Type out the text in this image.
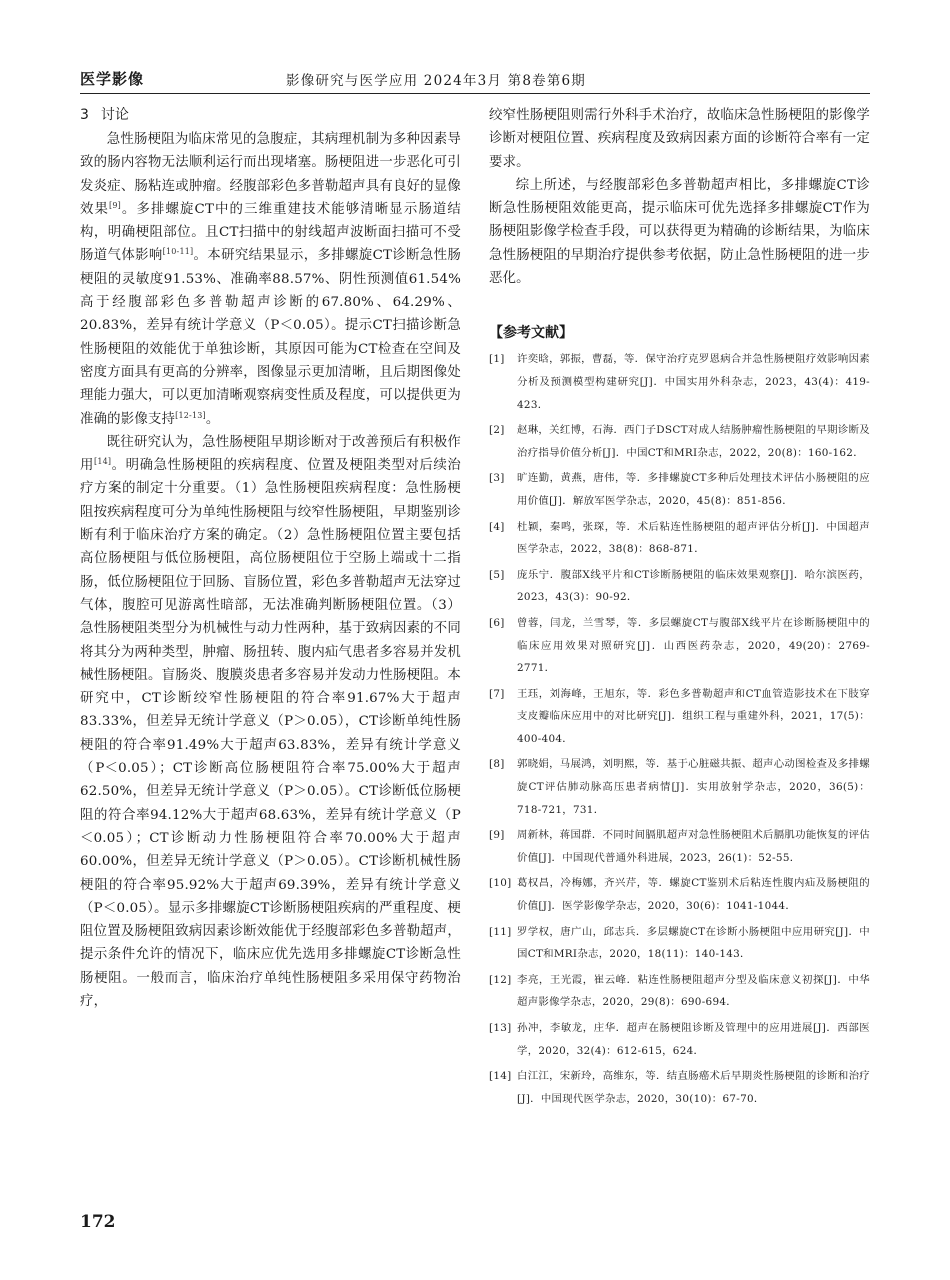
医学影像	影像研究与医学应用 2024年3月 第8卷第6期
3 讨论

急性肠梗阻为临床常见的急腹症，其病理机制为多种因素导致的肠内容物无法顺利运行而出现堵塞。肠梗阻进一步恶化可引发炎症、肠粘连或肿瘤。经腹部彩色多普勒超声具有良好的显像效果[9]。多排螺旋CT中的三维重建技术能够清晰显示肠道结构，明确梗阻部位。且CT扫描中的射线超声波断面扫描可不受肠道气体影响[10-11]。本研究结果显示，多排螺旋CT诊断急性肠梗阻的灵敏度91.53%、准确率88.57%、阴性预测值61.54%高于经腹部彩色多普勒超声诊断的67.80%、64.29%、20.83%，差异有统计学意义（P＜0.05）。提示CT扫描诊断急性肠梗阻的效能优于单独诊断，其原因可能为CT检查在空间及密度方面具有更高的分辨率，图像显示更加清晰，且后期图像处理能力强大，可以更加清晰观察病变性质及程度，可以提供更为准确的影像支持[12-13]。

既往研究认为，急性肠梗阻早期诊断对于改善预后有积极作用[14]。明确急性肠梗阻的疾病程度、位置及梗阻类型对后续治疗方案的制定十分重要。（1）急性肠梗阻疾病程度：急性肠梗阻按疾病程度可分为单纯性肠梗阻与绞窄性肠梗阻，早期鉴别诊断有利于临床治疗方案的确定。（2）急性肠梗阻位置主要包括高位肠梗阻与低位肠梗阻，高位肠梗阻位于空肠上端或十二指肠，低位肠梗阻位于回肠、盲肠位置，彩色多普勒超声无法穿过气体，腹腔可见游离性暗部，无法准确判断肠梗阻位置。（3）急性肠梗阻类型分为机械性与动力性两种，基于致病因素的不同将其分为两种类型，肿瘤、肠扭转、腹内疝气患者多容易并发机械性肠梗阻。盲肠炎、腹膜炎患者多容易并发动力性肠梗阻。本研究中，CT诊断绞窄性肠梗阻的符合率91.67%大于超声83.33%，但差异无统计学意义（P＞0.05），CT诊断单纯性肠梗阻的符合率91.49%大于超声63.83%，差异有统计学意义（P＜0.05）；CT诊断高位肠梗阻符合率75.00%大于超声62.50%，但差异无统计学意义（P＞0.05）。CT诊断低位肠梗阻的符合率94.12%大于超声68.63%，差异有统计学意义（P＜0.05）；CT诊断动力性肠梗阻符合率70.00%大于超声60.00%，但差异无统计学意义（P＞0.05）。CT诊断机械性肠梗阻的符合率95.92%大于超声69.39%，差异有统计学意义（P＜0.05）。显示多排螺旋CT诊断肠梗阻疾病的严重程度、梗阻位置及肠梗阻致病因素诊断效能优于经腹部彩色多普勒超声，提示条件允许的情况下，临床应优先选用多排螺旋CT诊断急性肠梗阻。一般而言，临床治疗单纯性肠梗阻多采用保守药物治疗，

绞窄性肠梗阻则需行外科手术治疗，故临床急性肠梗阻的影像学诊断对梗阻位置、疾病程度及致病因素方面的诊断符合率有一定要求。

综上所述，与经腹部彩色多普勒超声相比，多排螺旋CT诊断急性肠梗阻效能更高，提示临床可优先选择多排螺旋CT作为肠梗阻影像学检查手段，可以获得更为精确的诊断结果，为临床急性肠梗阻的早期治疗提供参考依据，防止急性肠梗阻的进一步恶化。

【参考文献】
[1]	许奕晗，郭振，曹磊，等．保守治疗克罗恩病合并急性肠梗阻疗效影响因素分析及预测模型构建研究[J]．中国实用外科杂志，2023，43(4)：419-423．
[2]	赵琳，关红博，石海．西门子DSCT对成人结肠肿瘤性肠梗阻的早期诊断及治疗指导价值分析[J]．中国CT和MRI杂志，2022，20(8)：160-162．
[3]	旷连勤，黄燕，唐伟，等．多排螺旋CT多种后处理技术评估小肠梗阻的应用价值[J]．解放军医学杂志，2020，45(8)：851-856．
[4]	杜颖，秦鸣，张琛，等．术后粘连性肠梗阻的超声评估分析[J]．中国超声医学杂志，2022，38(8)：868-871．
[5]	庞乐宁．腹部X线平片和CT诊断肠梗阻的临床效果观察[J]．哈尔滨医药，2023，43(3)：90-92．
[6]	曾蓉，闫龙，兰雪琴，等．多层螺旋CT与腹部X线平片在诊断肠梗阻中的临床应用效果对照研究[J]．山西医药杂志，2020，49(20)：2769-2771．
[7]	王珏，刘海峰，王旭东，等．彩色多普勒超声和CT血管造影技术在下肢穿支皮瓣临床应用中的对比研究[J]．组织工程与重建外科，2021，17(5)：400-404．
[8]	郭晓娟，马展鸿，刘明熙，等．基于心脏磁共振、超声心动图检查及多排螺旋CT评估肺动脉高压患者病情[J]．实用放射学杂志，2020，36(5)：718-721，731．
[9]	周新林，蒋国群．不同时间膈肌超声对急性肠梗阻术后膈肌功能恢复的评估价值[J]．中国现代普通外科进展，2023，26(1)：52-55．
[10] 葛权昌，冷梅娜，齐兴芹，等．螺旋CT鉴别术后粘连性腹内疝及肠梗阻的价值[J]．医学影像学杂志，2020，30(6)：1041-1044．
[11] 罗学权，唐广山，邱志兵．多层螺旋CT在诊断小肠梗阻中应用研究[J]．中国CT和MRI杂志，2020，18(11)：140-143．
[12] 李亮，王光霞，崔云峰．粘连性肠梗阻超声分型及临床意义初探[J]．中华超声影像学杂志，2020，29(8)：690-694．
[13] 孙冲，李敏龙，庄华．超声在肠梗阻诊断及管理中的应用进展[J]．西部医学，2020，32(4)：612-615，624．
[14] 白江江，宋新玲，高维东，等．结直肠癌术后早期炎性肠梗阻的诊断和治疗[J]．中国现代医学杂志，2020，30(10)：67-70．
172
